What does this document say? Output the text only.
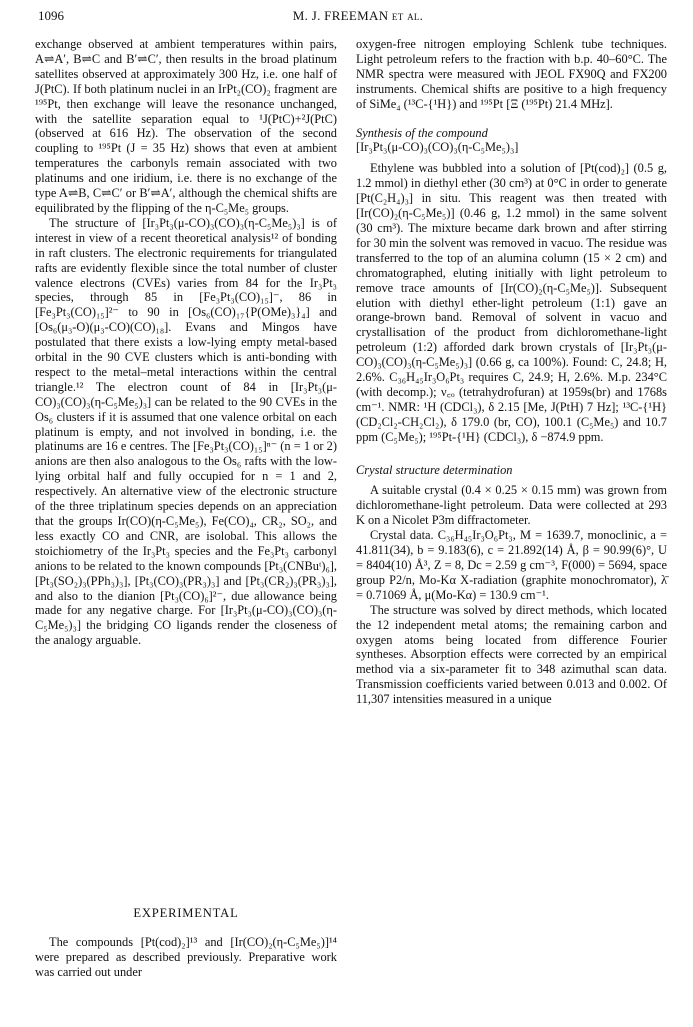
1096	M. J. FREEMAN et al.

exchange observed at ambient temperatures within pairs, A⇌A′, B⇌C and B′⇌C′, then results in the broad platinum satellites observed at approximately 300 Hz, i.e. one half of J(PtC). If both platinum nuclei in an IrPt₂(CO)₂ fragment are ¹⁹⁵Pt, then exchange will leave the resonance unchanged, with the satellite separation equal to ¹J(PtC)+²J(PtC) (observed at 616 Hz). The observation of the second coupling to ¹⁹⁵Pt (J = 35 Hz) shows that even at ambient temperatures the carbonyls remain associated with two platinums and one iridium, i.e. there is no exchange of the type A⇌B, C⇌C′ or B′⇌A′, although the chemical shifts are equilibrated by the flipping of the η-C₅Me₅ groups.

The structure of [Ir₃Pt₃(μ-CO)₃(CO)₃(η-C₅Me₅)₃] is of interest in view of a recent theoretical analysis¹² of bonding in raft clusters. The electronic requirements for triangulated rafts are evidently flexible since the total number of cluster valence electrons (CVEs) varies from 84 for the Ir₃Pt₃ species, through 85 in [Fe₃Pt₃(CO)₁₅]⁻, 86 in [Fe₃Pt₃(CO)₁₅]²⁻ to 90 in [Os₆(CO)₁₇{P(OMe)₃}₄] and [Os₆(μ₃-O)(μ₃-CO)(CO)₁₈]. Evans and Mingos have postulated that there exists a low-lying empty metal-based orbital in the 90 CVE clusters which is anti-bonding with respect to the metal–metal interactions within the central triangle.¹² The electron count of 84 in [Ir₃Pt₃(μ-CO)₃(CO)₃(η-C₅Me₅)₃] can be related to the 90 CVEs in the Os₆ clusters if it is assumed that one valence orbital on each platinum is empty, and not involved in bonding, i.e. the platinums are 16 e centres. The [Fe₃Pt₃(CO)₁₅]ⁿ⁻ (n = 1 or 2) anions are then also analogous to the Os₆ rafts with the low-lying orbital half and fully occupied for n = 1 and 2, respectively. An alternative view of the electronic structure of the three triplatinum species depends on an appreciation that the groups Ir(CO)(η-C₅Me₅), Fe(CO)₄, CR₂, SO₂, and less exactly CO and CNR, are isolobal. This allows the stoichiometry of the Ir₃Pt₃ species and the Fe₃Pt₃ carbonyl anions to be related to the known compounds [Pt₃(CNBuᵗ)₆], [Pt₃(SO₂)₃(PPh₃)₃], [Pt₃(CO)₃(PR₃)₃] and [Pt₃(CR₂)₃(PR₃)₃], and also to the dianion [Pt₃(CO)₆]²⁻, due allowance being made for any negative charge. For [Ir₃Pt₃(μ-CO)₃(CO)₃(η-C₅Me₅)₃] the bridging CO ligands render the closeness of the analogy arguable.

EXPERIMENTAL

The compounds [Pt(cod)₂]¹³ and [Ir(CO)₂(η-C₅Me₅)]¹⁴ were prepared as described previously. Preparative work was carried out under

oxygen-free nitrogen employing Schlenk tube techniques. Light petroleum refers to the fraction with b.p. 40–60°C. The NMR spectra were measured with JEOL FX90Q and FX200 instruments. Chemical shifts are positive to a high frequency of SiMe₄ (¹³C-{¹H}) and ¹⁹⁵Pt [Ξ (¹⁹⁵Pt) 21.4 MHz].

Synthesis of the compound

[Ir₃Pt₃(μ-CO)₃(CO)₃(η-C₅Me₅)₃]

Ethylene was bubbled into a solution of [Pt(cod)₂] (0.5 g, 1.2 mmol) in diethyl ether (30 cm³) at 0°C in order to generate [Pt(C₂H₄)₃] in situ. This reagent was then treated with [Ir(CO)₂(η-C₅Me₅)] (0.46 g, 1.2 mmol) in the same solvent (30 cm³). The mixture became dark brown and after stirring for 30 min the solvent was removed in vacuo. The residue was transferred to the top of an alumina column (15 × 2 cm) and chromatographed, eluting initially with light petroleum to remove trace amounts of [Ir(CO)₂(η-C₅Me₅)]. Subsequent elution with diethyl ether-light petroleum (1:1) gave an orange-brown band. Removal of solvent in vacuo and crystallisation of the product from dichloromethane-light petroleum (1:2) afforded dark brown crystals of [Ir₃Pt₃(μ-CO)₃(CO)₃(η-C₅Me₅)₃] (0.66 g, ca 100%). Found: C, 24.8; H, 2.6%. C₃₆H₄₅Ir₃O₆Pt₃ requires C, 24.9; H, 2.6%. M.p. 234°C (with decomp.); ν꜀ₒ (tetrahydrofuran) at 1959s(br) and 1768s cm⁻¹. NMR: ¹H (CDCl₃), δ 2.15 [Me, J(PtH) 7 Hz]; ¹³C-{¹H} (CD₂Cl₂-CH₂Cl₂), δ 179.0 (br, CO), 100.1 (C₅Me₅) and 10.7 ppm (C₅Me₅); ¹⁹⁵Pt-{¹H} (CDCl₃), δ −874.9 ppm.

Crystal structure determination

A suitable crystal (0.4 × 0.25 × 0.15 mm) was grown from dichloromethane-light petroleum. Data were collected at 293 K on a Nicolet P3m diffractometer.

Crystal data. C₃₆H₄₅Ir₃O₆Pt₃, M = 1639.7, monoclinic, a = 41.811(34), b = 9.183(6), c = 21.892(14) Å, β = 90.99(6)°, U = 8404(10) Å³, Z = 8, Dc = 2.59 g cm⁻³, F(000) = 5694, space group P2/n, Mo-Kα X-radiation (graphite monochromator), λ̄ = 0.71069 Å, μ(Mo-Kα) = 130.9 cm⁻¹.

The structure was solved by direct methods, which located the 12 independent metal atoms; the remaining carbon and oxygen atoms being located from difference Fourier syntheses. Absorption effects were corrected by an empirical method via a six-parameter fit to 348 azimuthal scan data. Transmission coefficients varied between 0.013 and 0.002. Of 11,307 intensities measured in a unique
